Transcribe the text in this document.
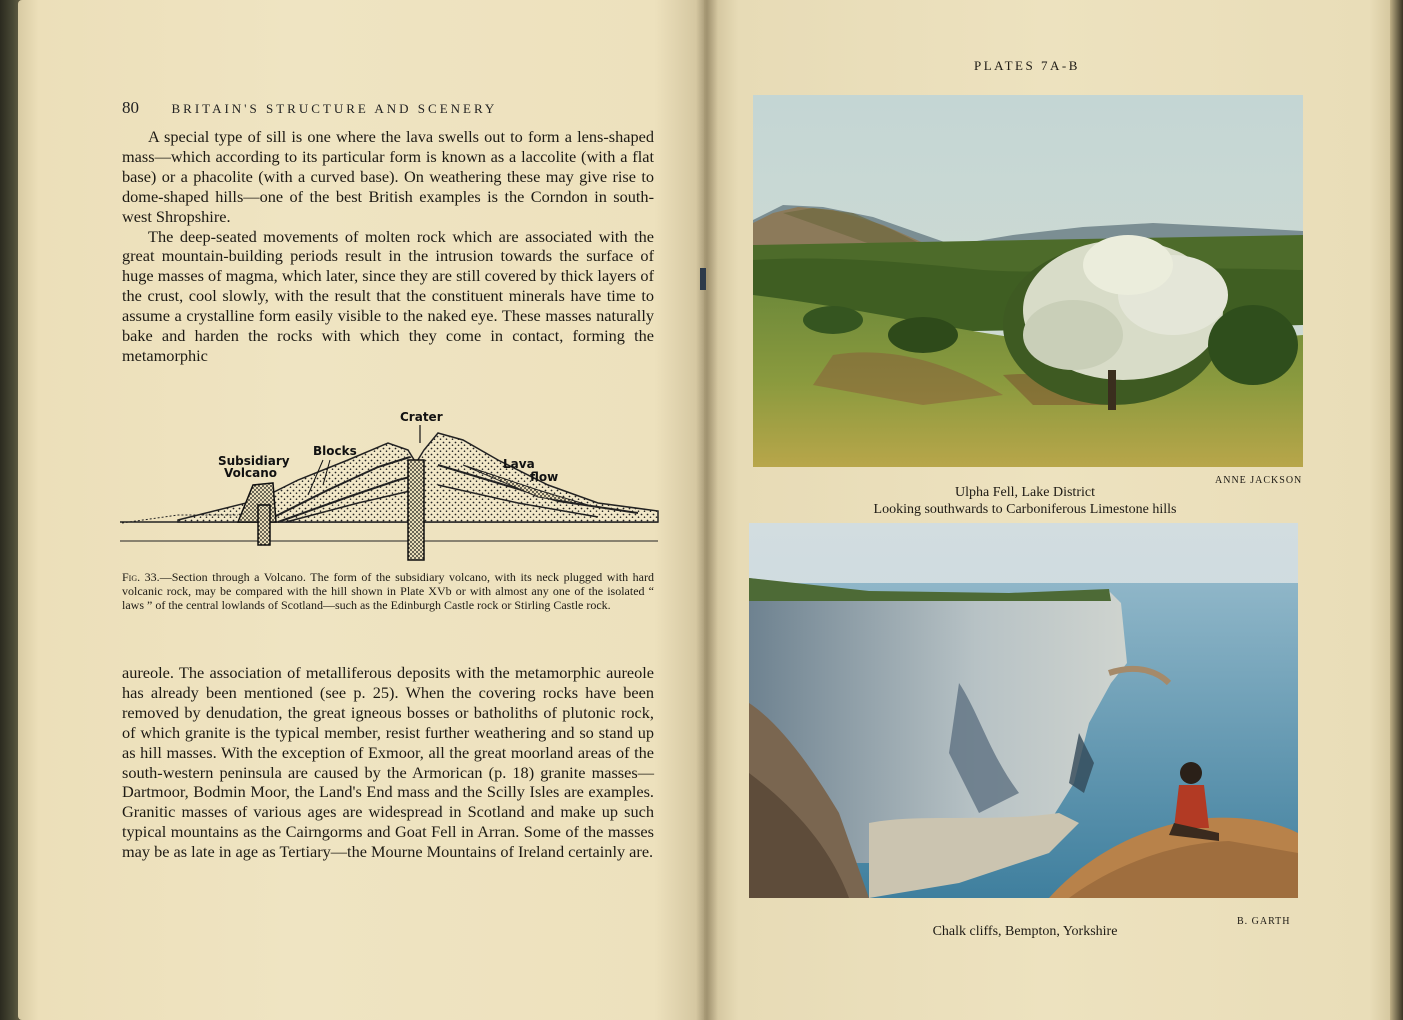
80	BRITAIN'S STRUCTURE AND SCENERY

A special type of sill is one where the lava swells out to form a lens-shaped mass—which according to its particular form is known as a laccolite (with a flat base) or a phacolite (with a curved base). On weathering these may give rise to dome-shaped hills—one of the best British examples is the Corndon in south-west Shropshire.

The deep-seated movements of molten rock which are associated with the great mountain-building periods result in the intrusion towards the surface of huge masses of magma, which later, since they are still covered by thick layers of the crust, cool slowly, with the result that the constituent minerals have time to assume a crystalline form easily visible to the naked eye. These masses naturally bake and harden the rocks with which they come in contact, forming the metamorphic

Crater
Subsidiary
Volcano
Blocks
Lava
flow
Fig. 33.—Section through a Volcano. The form of the subsidiary volcano, with its neck plugged with hard volcanic rock, may be compared with the hill shown in Plate XVb or with almost any one of the isolated “ laws ” of the central lowlands of Scotland—such as the Edinburgh Castle rock or Stirling Castle rock.

aureole. The association of metalliferous deposits with the metamorphic aureole has already been mentioned (see p. 25). When the covering rocks have been removed by denudation, the great igneous bosses or batholiths of plutonic rock, of which granite is the typical member, resist further weathering and so stand up as hill masses. With the exception of Exmoor, all the great moorland areas of the south-western peninsula are caused by the Armorican (p. 18) granite masses—Dartmoor, Bodmin Moor, the Land's End mass and the Scilly Isles are examples. Granitic masses of various ages are widespread in Scotland and make up such typical mountains as the Cairngorms and Goat Fell in Arran. Some of the masses may be as late in age as Tertiary—the Mourne Mountains of Ireland certainly are.

PLATES 7A-B
ANNE JACKSON
Ulpha Fell, Lake District
Looking southwards to Carboniferous Limestone hills
B. GARTH
Chalk cliffs, Bempton, Yorkshire
